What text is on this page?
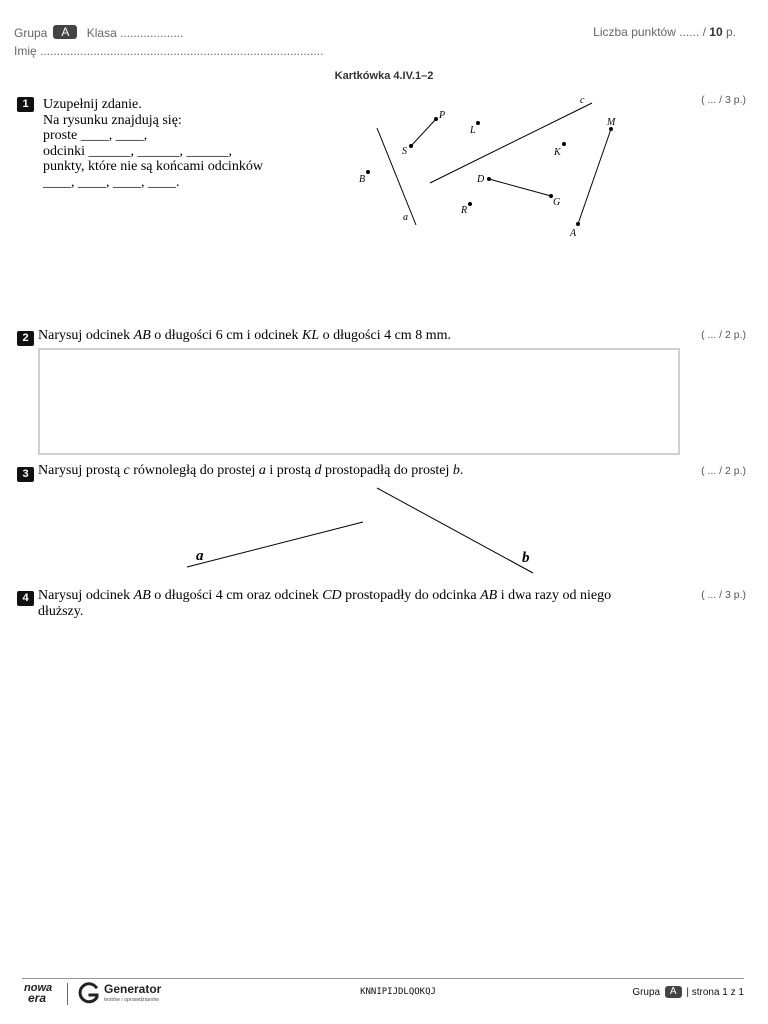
Grupa A Klasa ...................	Liczba punktów ...... / 10 p.
Imię .....................................................................................
Kartkówka 4.IV.1–2
1	( ... / 3 p.)
Uzupełnij zdanie.
Na rysunku znajdują się:
proste ____, ____,
odcinki ______, ______, ______,
punkty, które nie są końcami odcinków
____, ____, ____, ____.
P
S
L
c
M
K
B	D
G
R
a
A
2	( ... / 2 p.)
Narysuj odcinek AB o długości 6 cm i odcinek KL o długości 4 cm 8 mm.
3	( ... / 2 p.)
Narysuj prostą c równoległą do prostej a i prostą d prostopadłą do prostej b.
a	b
4	( ... / 3 p.)
Narysuj odcinek AB o długości 4 cm oraz odcinek CD prostopadły do odcinka AB i dwa razy od niego
dłuższy.
nowa
era
Generator
testów i sprawdzianów
KNNIPIJDLQOKQJ	Grupa A | strona 1 z 1
